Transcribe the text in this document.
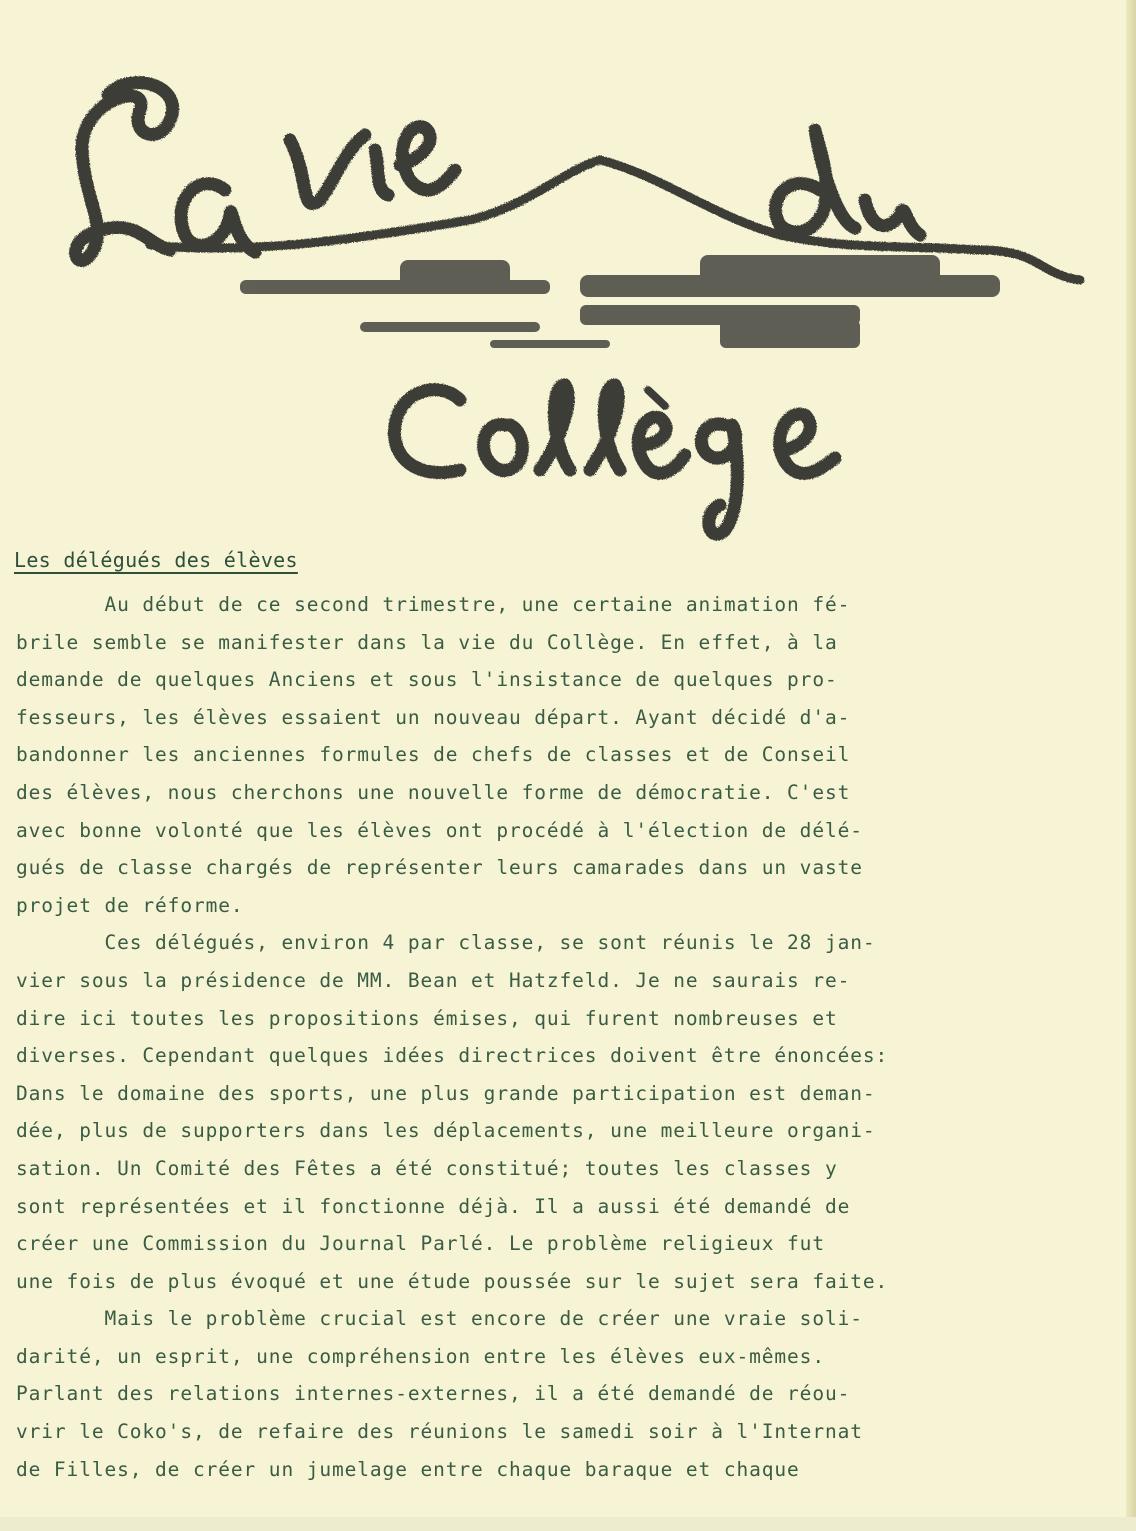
Les délégués des élèves
Au début de ce second trimestre, une certaine animation fé-
brile semble se manifester dans la vie du Collège. En effet, à la
demande de quelques Anciens et sous l'insistance de quelques pro-
fesseurs, les élèves essaient un nouveau départ. Ayant décidé d'a-
bandonner les anciennes formules de chefs de classes et de Conseil
des élèves, nous cherchons une nouvelle forme de démocratie. C'est
avec bonne volonté que les élèves ont procédé à l'élection de délé-
gués de classe chargés de représenter leurs camarades dans un vaste
projet de réforme.
Ces délégués, environ 4 par classe, se sont réunis le 28 jan-
vier sous la présidence de MM. Bean et Hatzfeld. Je ne saurais re-
dire ici toutes les propositions émises, qui furent nombreuses et
diverses. Cependant quelques idées directrices doivent être énoncées:
Dans le domaine des sports, une plus grande participation est deman-
dée, plus de supporters dans les déplacements, une meilleure organi-
sation. Un Comité des Fêtes a été constitué; toutes les classes y
sont représentées et il fonctionne déjà. Il a aussi été demandé de
créer une Commission du Journal Parlé. Le problème religieux fut
une fois de plus évoqué et une étude poussée sur le sujet sera faite.
Mais le problème crucial est encore de créer une vraie soli-
darité, un esprit, une compréhension entre les élèves eux-mêmes.
Parlant des relations internes-externes, il a été demandé de réou-
vrir le Coko's, de refaire des réunions le samedi soir à l'Internat
de Filles, de créer un jumelage entre chaque baraque et chaque
